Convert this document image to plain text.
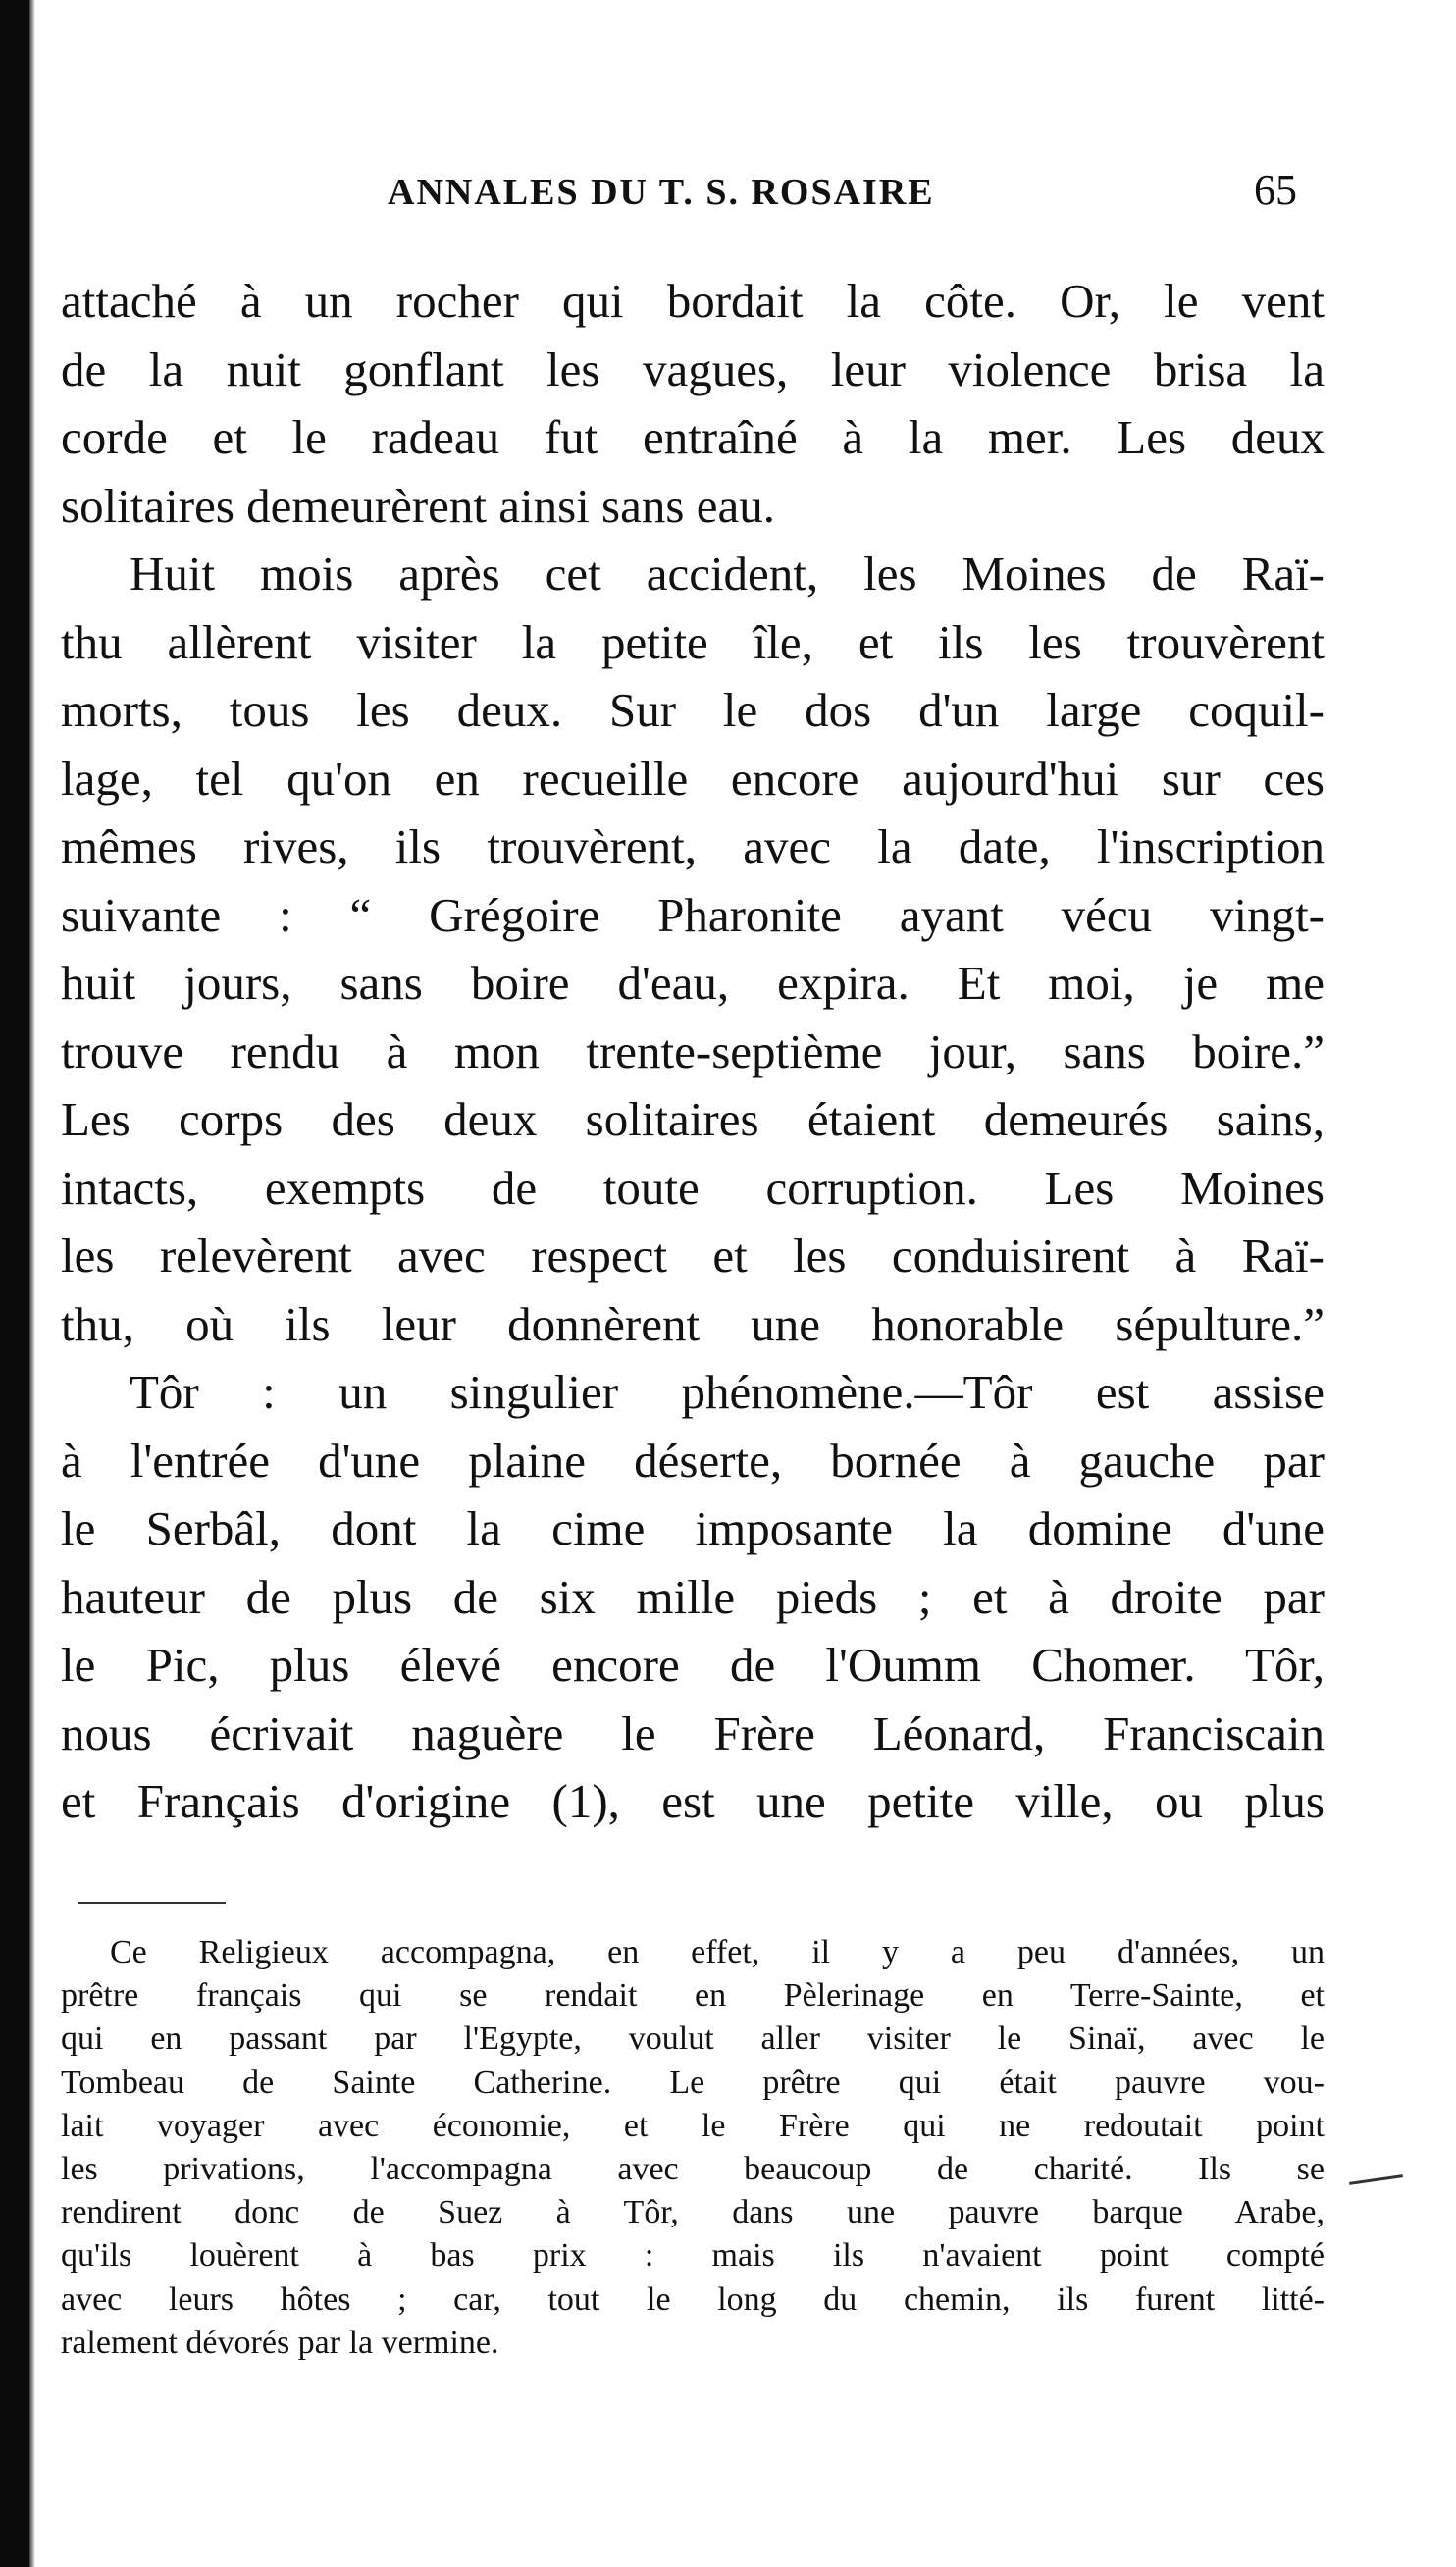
ANNALES DU T. S. ROSAIRE	65
attaché à un rocher qui bordait la côte. Or, le vent
de la nuit gonflant les vagues, leur violence brisa la
corde et le radeau fut entraîné à la mer. Les deux
solitaires demeurèrent ainsi sans eau.
Huit mois après cet accident, les Moines de Raï-
thu allèrent visiter la petite île, et ils les trouvèrent
morts, tous les deux. Sur le dos d'un large coquil-
lage, tel qu'on en recueille encore aujourd'hui sur ces
mêmes rives, ils trouvèrent, avec la date, l'inscription
suivante : “ Grégoire Pharonite ayant vécu vingt-
huit jours, sans boire d'eau, expira. Et moi, je me
trouve rendu à mon trente-septième jour, sans boire.”
Les corps des deux solitaires étaient demeurés sains,
intacts, exempts de toute corruption. Les Moines
les relevèrent avec respect et les conduisirent à Raï-
thu, où ils leur donnèrent une honorable sépulture.”
Tôr : un singulier phénomène.—Tôr est assise
à l'entrée d'une plaine déserte, bornée à gauche par
le Serbâl, dont la cime imposante la domine d'une
hauteur de plus de six mille pieds ; et à droite par
le Pic, plus élevé encore de l'Oumm Chomer. Tôr,
nous écrivait naguère le Frère Léonard, Franciscain
et Français d'origine (1), est une petite ville, ou plus
Ce Religieux accompagna, en effet, il y a peu d'années, un
prêtre français qui se rendait en Pèlerinage en Terre-Sainte, et
qui en passant par l'Egypte, voulut aller visiter le Sinaï, avec le
Tombeau de Sainte Catherine. Le prêtre qui était pauvre vou-
lait voyager avec économie, et le Frère qui ne redoutait point
les privations, l'accompagna avec beaucoup de charité. Ils se
rendirent donc de Suez à Tôr, dans une pauvre barque Arabe,
qu'ils louèrent à bas prix : mais ils n'avaient point compté
avec leurs hôtes ; car, tout le long du chemin, ils furent litté-
ralement dévorés par la vermine.
